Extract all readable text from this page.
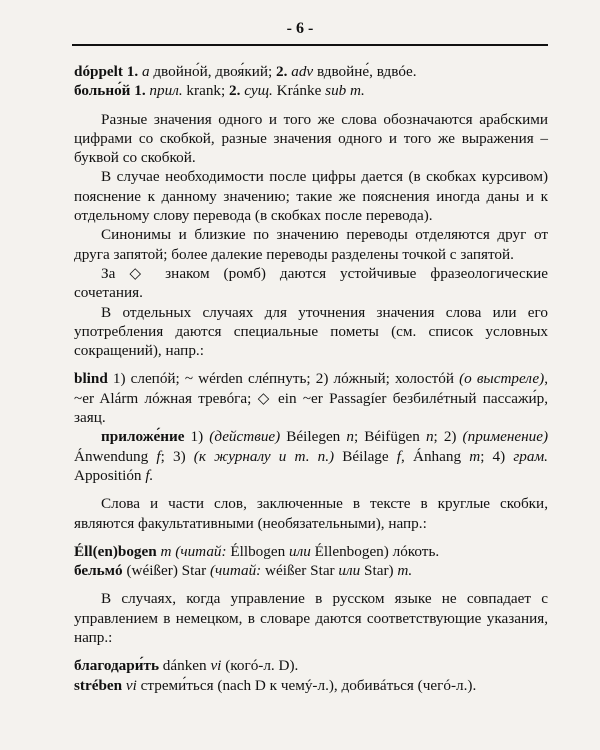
- 6 -

dóppelt 1. а двойно́й, двоя́кий; 2. adv вдвойне́, вдвóе.

больно́й 1. прил. krank; 2. сущ. Kránke sub m.

Разные значения одного и того же слова обозначаются арабскими цифрами со скобкой, разные значения одного и того же выражения – буквой со скобкой.

В случае необходимости после цифры дается (в скобках курсивом) пояснение к данному значению; такие же пояснения иногда даны и к отдельному слову перевода (в скобках после перевода).

Синонимы и близкие по значению переводы отделяются друг от друга запятой; более далекие переводы разделены точкой с запятой.

За ◇ знаком (ромб) даются устойчивые фразеологические сочетания.

В отдельных случаях для уточнения значения слова или его употребления даются специальные пометы (см. список условных сокращений), напр.:

blind 1) слепóй; ~ wérden слéпнуть; 2) лóжный; холостóй (о выстреле), ~er Alárm лóжная тревóга; ◇ ein ~er Passagíer безбилéтный пассажи́р, заяц.

приложе́ние 1) (действие) Béilegen n; Béifügen n; 2) (применение) Ánwendung f; 3) (к журналу и т. п.) Béilage f, Ánhang m; 4) грам. Appositión f.

Слова и части слов, заключенные в тексте в круглые скобки, являются факультативными (необязательными), напр.:

Éll(en)bogen m (читай: Éllbogen или Éllenbogen) лóкоть.

бельмó (wéißer) Star (читай: wéißer Star или Star) m.

В случаях, когда управление в русском языке не совпадает с управлением в немецком, в словаре даются соответствующие указания, напр.:

благодари́ть dánken vi (когó-л. D).

strében vi стреми́ться (nach D к чемý-л.), добивáться (чегó-л.).
